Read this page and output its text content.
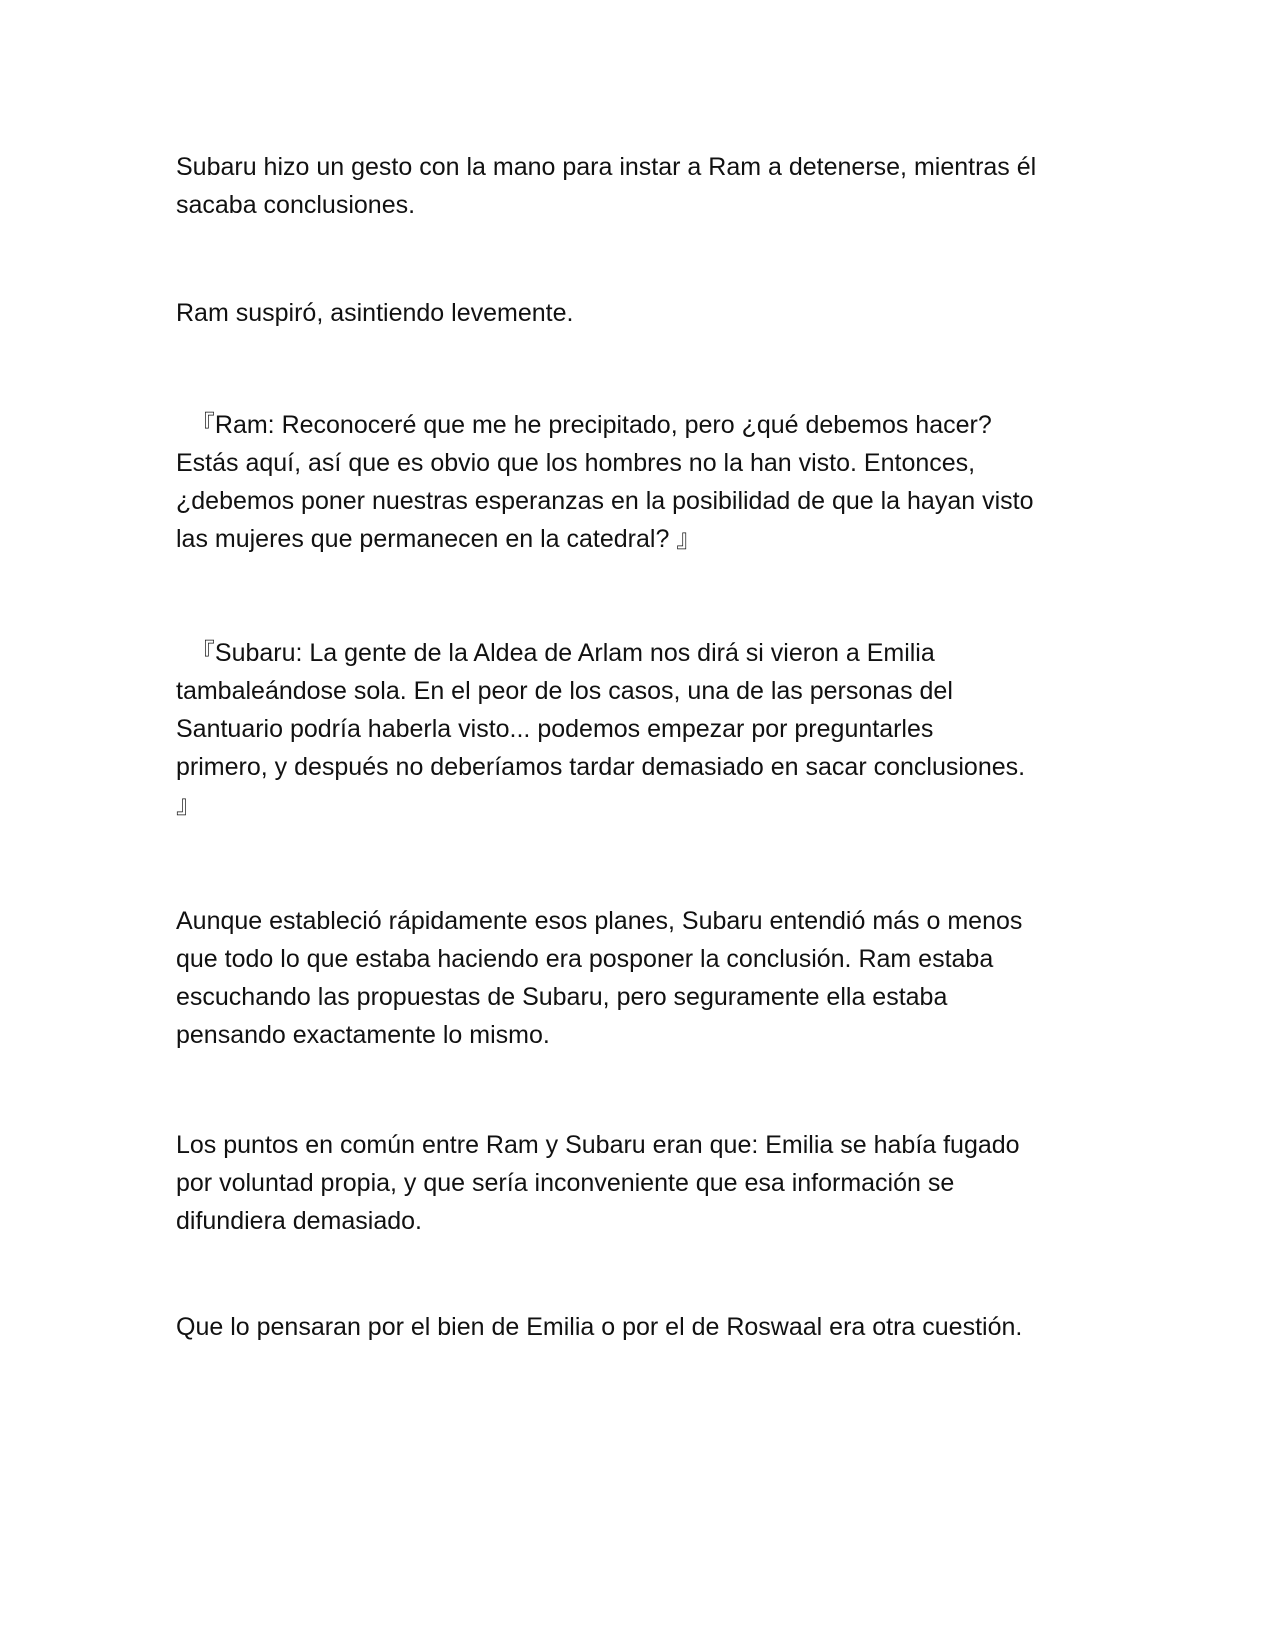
Subaru hizo un gesto con la mano para instar a Ram a detenerse, mientras él
sacaba conclusiones.
Ram suspiró, asintiendo levemente.
『Ram: Reconoceré que me he precipitado, pero ¿qué debemos hacer?
Estás aquí, así que es obvio que los hombres no la han visto. Entonces,
¿debemos poner nuestras esperanzas en la posibilidad de que la hayan visto
las mujeres que permanecen en la catedral? 』
『Subaru: La gente de la Aldea de Arlam nos dirá si vieron a Emilia
tambaleándose sola. En el peor de los casos, una de las personas del
Santuario podría haberla visto... podemos empezar por preguntarles
primero, y después no deberíamos tardar demasiado en sacar conclusiones.
』
Aunque estableció rápidamente esos planes, Subaru entendió más o menos
que todo lo que estaba haciendo era posponer la conclusión. Ram estaba
escuchando las propuestas de Subaru, pero seguramente ella estaba
pensando exactamente lo mismo.
Los puntos en común entre Ram y Subaru eran que: Emilia se había fugado
por voluntad propia, y que sería inconveniente que esa información se
difundiera demasiado.
Que lo pensaran por el bien de Emilia o por el de Roswaal era otra cuestión.
